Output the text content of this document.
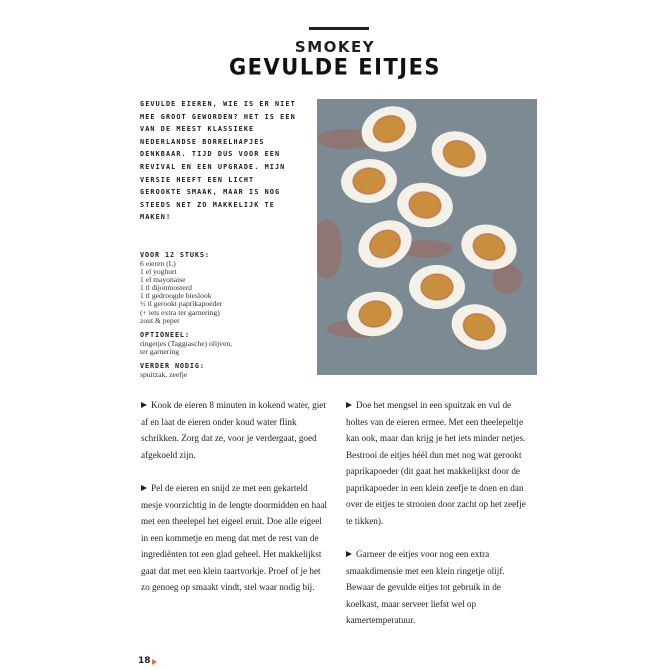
SMOKEY
GEVULDE EITJES
GEVULDE EIEREN, WIE IS ER NIET MEE GROOT GEWORDEN? HET IS EEN VAN DE MEEST KLASSIEKE NEDERLANDSE BORRELHAPJES DENKBAAR. TIJD DUS VOOR EEN REVIVAL EN EEN UPGRADE. MIJN VERSIE HEEFT EEN LICHT GEROOKTE SMAAK, MAAR IS NOG STEEDS NET ZO MAKKELIJK TE MAKEN!
VOOR 12 STUKS:
6 eieren (L)
1 el yoghurt
1 el mayonaise
1 tl dijonmosterd
1 tl gedroogde bieslook
½ tl gerookt paprikapoeder
(+ iets extra ter garnering)
zout & peper
OPTIONEEL:
ringetjes (Taggiasche) olijven,
ter garnering
VERDER NODIG:
spuitzak, zeefje

Kook de eieren 8 minuten in kokend water, giet af en laat de eieren onder koud water flink schrikken. Zorg dat ze, voor je verdergaat, goed afgekoeld zijn.

Pel de eieren en snijd ze met een gekarteld mesje voorzichtig in de lengte doormidden en haal met een theelepel het eigeel eruit. Doe alle eigeel in een kommetje en meng dat met de rest van de ingrediënten tot een glad geheel. Het makkelijkst gaat dat met een klein taartvorkje. Proef of je het zo genoeg op smaakt vindt, stel waar nodig bij.

Doe het mengsel in een spuitzak en vul de holtes van de eieren ermee. Met een theelepeltje kan ook, maar dan krijg je het iets minder netjes. Bestrooi de eitjes héél dun met nog wat gerookt paprikapoeder (dit gaat het makkelijkst door de paprikapoeder in een klein zeefje te doen en dan over de eitjes te strooien door zacht op het zeefje te tikken).

Garneer de eitjes voor nog een extra smaakdimensie met een klein ringetje olijf. Bewaar de gevulde eitjes tot gebruik in de koelkast, maar serveer liefst wel op kamertemperatuur.

18
